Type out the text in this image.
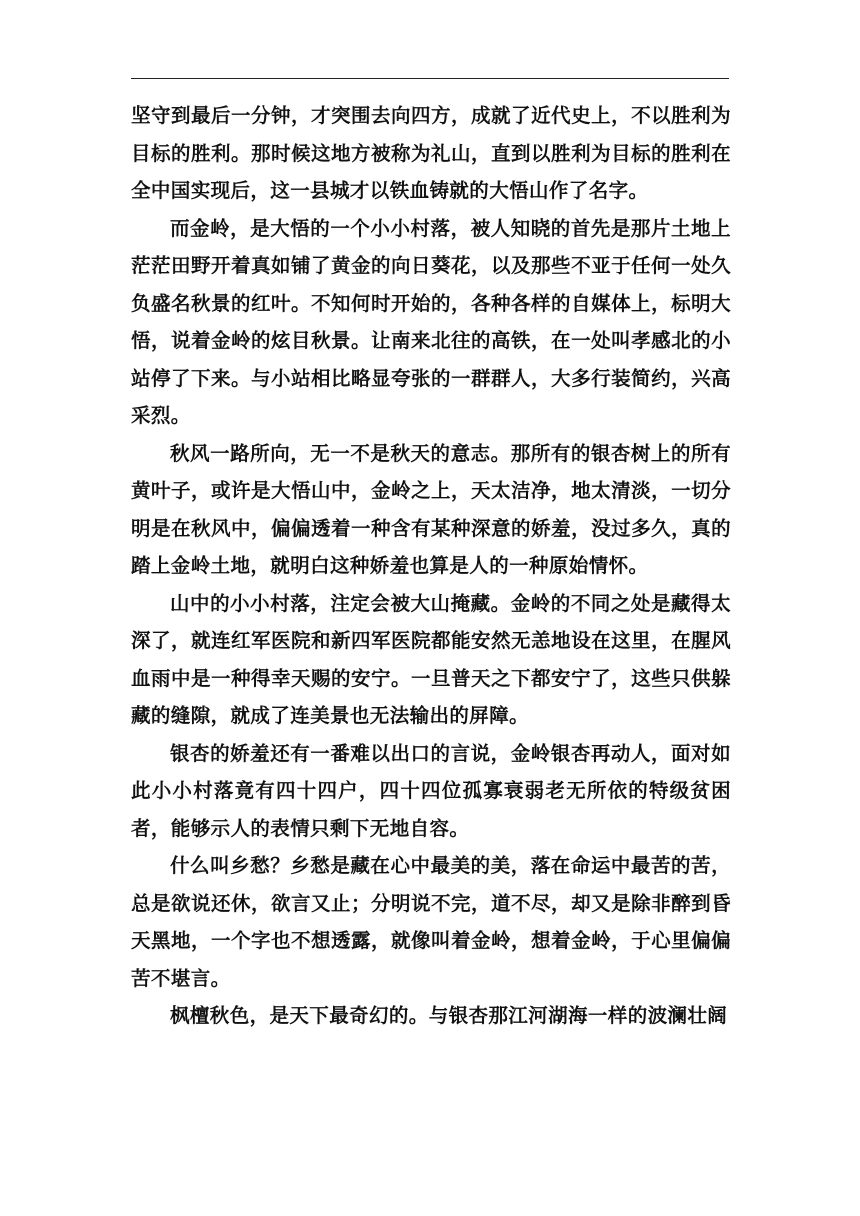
坚守到最后一分钟，才突围去向四方，成就了近代史上，不以胜利为目标的胜利。那时候这地方被称为礼山，直到以胜利为目标的胜利在全中国实现后，这一县城才以铁血铸就的大悟山作了名字。

而金岭，是大悟的一个小小村落，被人知晓的首先是那片土地上茫茫田野开着真如铺了黄金的向日葵花，以及那些不亚于任何一处久负盛名秋景的红叶。不知何时开始的，各种各样的自媒体上，标明大悟，说着金岭的炫目秋景。让南来北往的高铁，在一处叫孝感北的小站停了下来。与小站相比略显夸张的一群群人，大多行装简约，兴高采烈。

秋风一路所向，无一不是秋天的意志。那所有的银杏树上的所有黄叶子，或许是大悟山中，金岭之上，天太洁净，地太清淡，一切分明是在秋风中，偏偏透着一种含有某种深意的娇羞，没过多久，真的踏上金岭土地，就明白这种娇羞也算是人的一种原始情怀。

山中的小小村落，注定会被大山掩藏。金岭的不同之处是藏得太深了，就连红军医院和新四军医院都能安然无恙地设在这里，在腥风血雨中是一种得幸天赐的安宁。一旦普天之下都安宁了，这些只供躲藏的缝隙，就成了连美景也无法输出的屏障。

银杏的娇羞还有一番难以出口的言说，金岭银杏再动人，面对如此小小村落竟有四十四户，四十四位孤寡衰弱老无所依的特级贫困者，能够示人的表情只剩下无地自容。

什么叫乡愁？乡愁是藏在心中最美的美，落在命运中最苦的苦，总是欲说还休，欲言又止；分明说不完，道不尽，却又是除非醉到昏天黑地，一个字也不想透露，就像叫着金岭，想着金岭，于心里偏偏苦不堪言。

枫檀秋色，是天下最奇幻的。与银杏那江河湖海一样的波澜壮阔
